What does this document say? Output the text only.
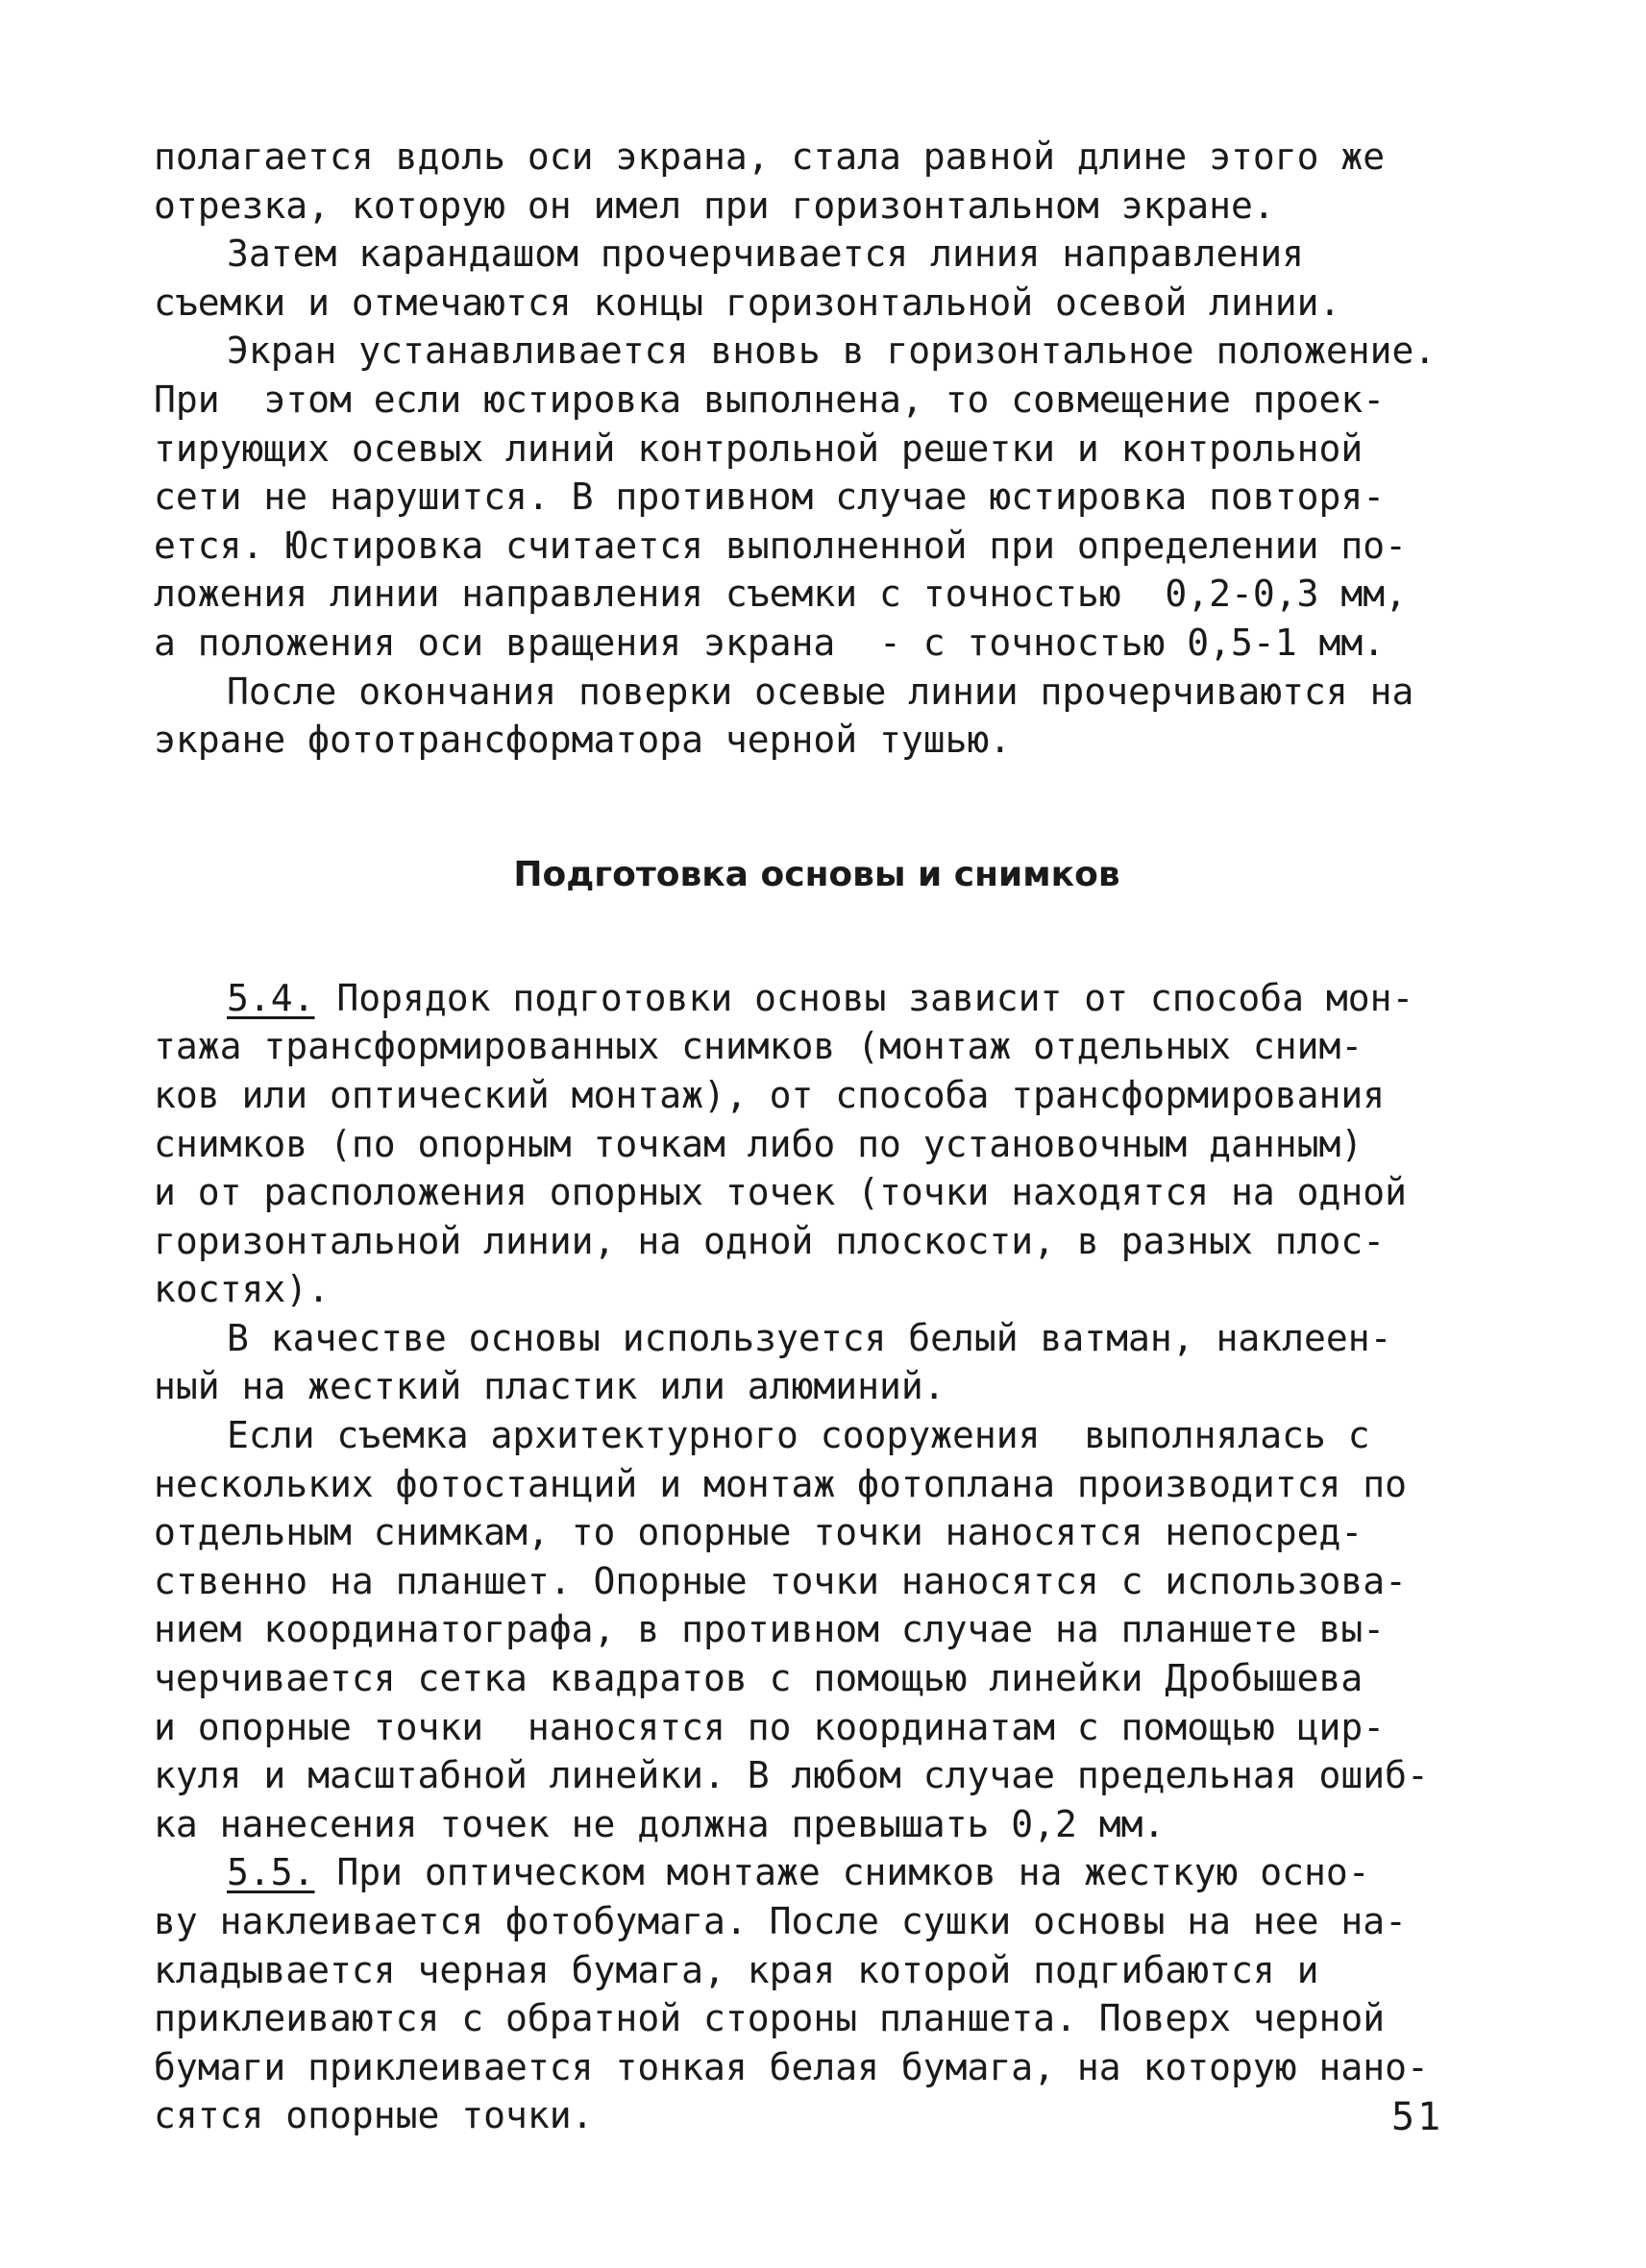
полагается вдоль оси экрана, стала равной длине этого же
отрезка, которую он имел при горизонтальном экране.
Затем карандашом прочерчивается линия направления
съемки и отмечаются концы горизонтальной осевой линии.
Экран устанавливается вновь в горизонтальное положение.
При  этом если юстировка выполнена, то совмещение проек-
тирующих осевых линий контрольной решетки и контрольной
сети не нарушится. В противном случае юстировка повторя-
ется. Юстировка считается выполненной при определении по-
ложения линии направления съемки с точностью  0,2-0,3 мм,
а положения оси вращения экрана  - с точностью 0,5-1 мм.
После окончания поверки осевые линии прочерчиваются на
экране фототрансформатора черной тушью.
Подготовка основы и снимков
5.4. Порядок подготовки основы зависит от способа мон-
тажа трансформированных снимков (монтаж отдельных сним-
ков или оптический монтаж), от способа трансформирования
снимков (по опорным точкам либо по установочным данным)
и от расположения опорных точек (точки находятся на одной
горизонтальной линии, на одной плоскости, в разных плос-
костях).
В качестве основы используется белый ватман, наклеен-
ный на жесткий пластик или алюминий.
Если съемка архитектурного сооружения  выполнялась с
нескольких фотостанций и монтаж фотоплана производится по
отдельным снимкам, то опорные точки наносятся непосред-
ственно на планшет. Опорные точки наносятся с использова-
нием координатографа, в противном случае на планшете вы-
черчивается сетка квадратов с помощью линейки Дробышева
и опорные точки  наносятся по координатам с помощью цир-
куля и масштабной линейки. В любом случае предельная ошиб-
ка нанесения точек не должна превышать 0,2 мм.
5.5. При оптическом монтаже снимков на жесткую осно-
ву наклеивается фотобумага. После сушки основы на нее на-
кладывается черная бумага, края которой подгибаются и
приклеиваются с обратной стороны планшета. Поверх черной
бумаги приклеивается тонкая белая бумага, на которую нано-
сятся опорные точки.	51
